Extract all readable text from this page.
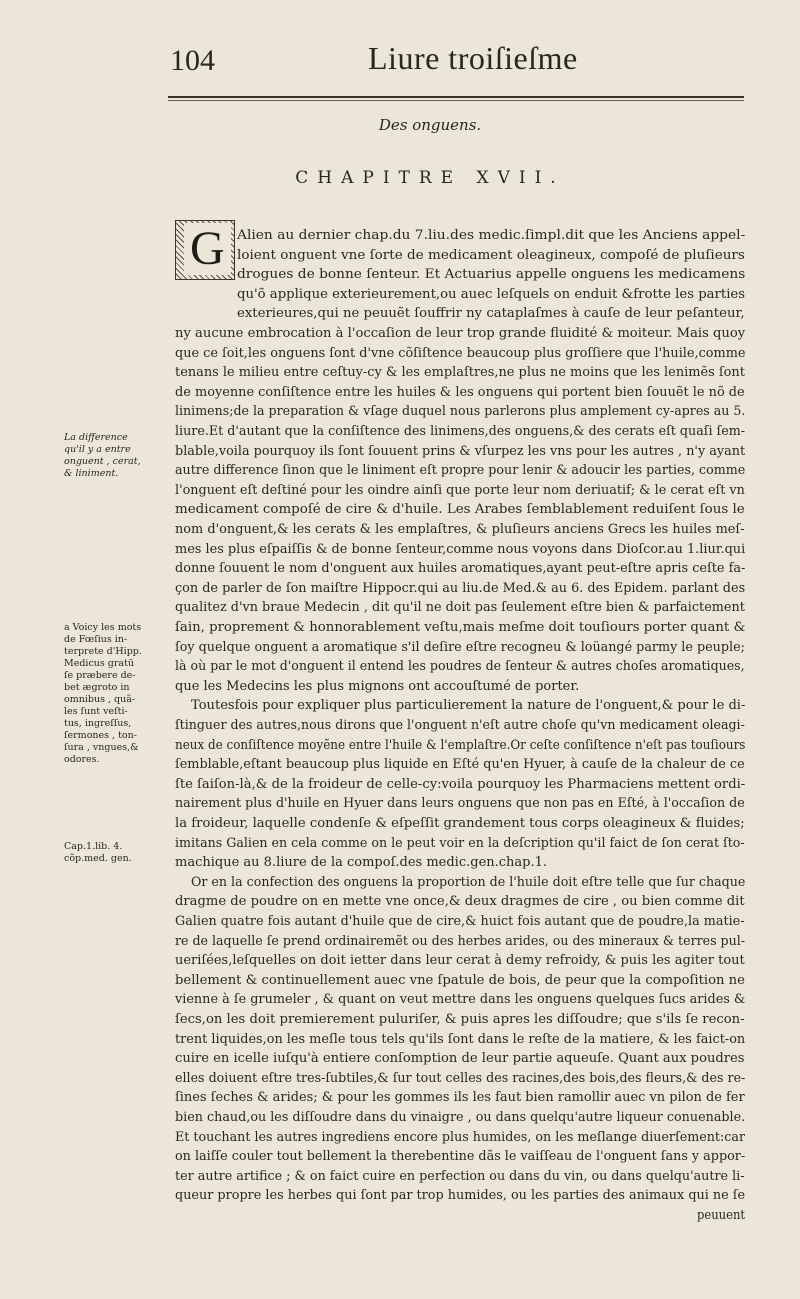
104	Liure troiſieſme
Des onguens.
CHAPITRE XVII.
G Alien au dernier chap.du 7.liu.des medic.ſimpl.dit que les Anciens appel-
loient onguent vne ſorte de medicament oleagineux, compoſé de pluſieurs
drogues de bonne ſenteur. Et Actuarius appelle onguens les medicamens
qu'õ applique exterieurement,ou auec leſquels on enduit &frotte les parties
exterieures,qui ne peuuẽt ſouffrir ny cataplaſmes à cauſe de leur peſanteur,
ny aucune embrocation à l'occaſion de leur trop grande fluidité & moiteur. Mais quoy
que ce ſoit,les onguens ſont d'vne cõſiſtence beaucoup plus groſſiere que l'huile,comme
tenans le milieu entre ceſtuy-cy & les emplaſtres,ne plus ne moins que les lenimẽs ſont
de moyenne conſiſtence entre les huiles & les onguens qui portent bien ſouuẽt le nõ de
linimens;de la preparation & vſage duquel nous parlerons plus amplement cy-apres au 5.
liure.Et d'autant que la conſiſtence des linimens,des onguens,& des cerats eſt quaſi ſem-
blable,voila pourquoy ils ſont ſouuent prins & vſurpez les vns pour les autres , n'y ayant
autre difference ſinon que le liniment eſt propre pour lenir & adoucir les parties, comme
l'onguent eſt deſtiné pour les oindre ainſi que porte leur nom deriuatif; & le cerat eſt vn
medicament compoſé de cire & d'huile. Les Arabes ſemblablement reduiſent ſous le
nom d'onguent,& les cerats & les emplaſtres, & pluſieurs anciens Grecs les huiles meſ-
mes les plus eſpaiſſis & de bonne ſenteur,comme nous voyons dans Dioſcor.au 1.liur.qui
donne ſouuent le nom d'onguent aux huiles aromatiques,ayant peut-eſtre apris ceſte fa-
çon de parler de ſon maiſtre Hippocr.qui au liu.de Med.& au 6. des Epidem. parlant des
qualitez d'vn braue Medecin , dit qu'il ne doit pas ſeulement eſtre bien & parfaictement
ſain, proprement & honnorablement veſtu,mais meſme doit touſiours porter quant &
ſoy quelque onguent a aromatique s'il deſire eſtre recogneu & loüangé parmy le peuple;
là où par le mot d'onguent il entend les poudres de ſenteur & autres choſes aromatiques,
que les Medecins les plus mignons ont accouſtumé de porter.
Toutesfois pour expliquer plus particulierement la nature de l'onguent,& pour le di-
ſtinguer des autres,nous dirons que l'onguent n'eſt autre choſe qu'vn medicament oleagi-
neux de conſiſtence moyẽne entre l'huile & l'emplaſtre.Or ceſte conſiſtence n'eſt pas touſiours
ſemblable,eſtant beaucoup plus liquide en Eſté qu'en Hyuer, à cauſe de la chaleur de ce
ſte ſaiſon-là,& de la froideur de celle-cy:voila pourquoy les Pharmaciens mettent ordi-
nairement plus d'huile en Hyuer dans leurs onguens que non pas en Eſté, à l'occaſion de
la froideur, laquelle condenſe & eſpeſſit grandement tous corps oleagineux & fluides;
imitans Galien en cela comme on le peut voir en la deſcription qu'il faict de ſon cerat ſto-
machique au 8.liure de la compoſ.des medic.gen.chap.1.
Or en la confection des onguens la proportion de l'huile doit eſtre telle que ſur chaque
dragme de poudre on en mette vne once,& deux dragmes de cire , ou bien comme dit
Galien quatre fois autant d'huile que de cire,& huict fois autant que de poudre,la matie-
re de laquelle ſe prend ordinairemẽt ou des herbes arides, ou des mineraux & terres pul-
ueriſées,leſquelles on doit ietter dans leur cerat à demy refroidy, & puis les agiter tout
bellement & continuellement auec vne ſpatule de bois, de peur que la compoſition ne
vienne à ſe grumeler , & quant on veut mettre dans les onguens quelques ſucs arides &
ſecs,on les doit premierement puluriſer, & puis apres les diſſoudre; que s'ils ſe recon-
trent liquides,on les meſle tous tels qu'ils ſont dans le reſte de la matiere, & les faict-on
cuire en icelle iuſqu'à entiere conſomption de leur partie aqueuſe. Quant aux poudres
elles doiuent eſtre tres-ſubtiles,& ſur tout celles des racines,des bois,des fleurs,& des re-
ſines ſeches & arides; & pour les gommes ils les faut bien ramollir auec vn pilon de fer
bien chaud,ou les diſſoudre dans du vinaigre , ou dans quelqu'autre liqueur conuenable.
Et touchant les autres ingrediens encore plus humides, on les meſlange diuerſement:car
on laiſſe couler tout bellement la therebentine dãs le vaiſſeau de l'onguent ſans y appor-
ter autre artifice ; & on faict cuire en perfection ou dans du vin, ou dans quelqu'autre li-
queur propre les herbes qui ſont par trop humides, ou les parties des animaux qui ne ſe
peuuent
La difference
qu'il y a entre
onguent , cerat,
& liniment.
a Voicy les mots
de Fœſius in-
terprete d'Hipp.
Medicus gratū
ſe præbere de-
bet ægroto in
omnibus , quã-
les ſunt veſti-
tus, ingreſſus,
ſermones , ton-
ſura , vngues,&
odores.
Cap.1.lib. 4.
cõp.med. gen.
